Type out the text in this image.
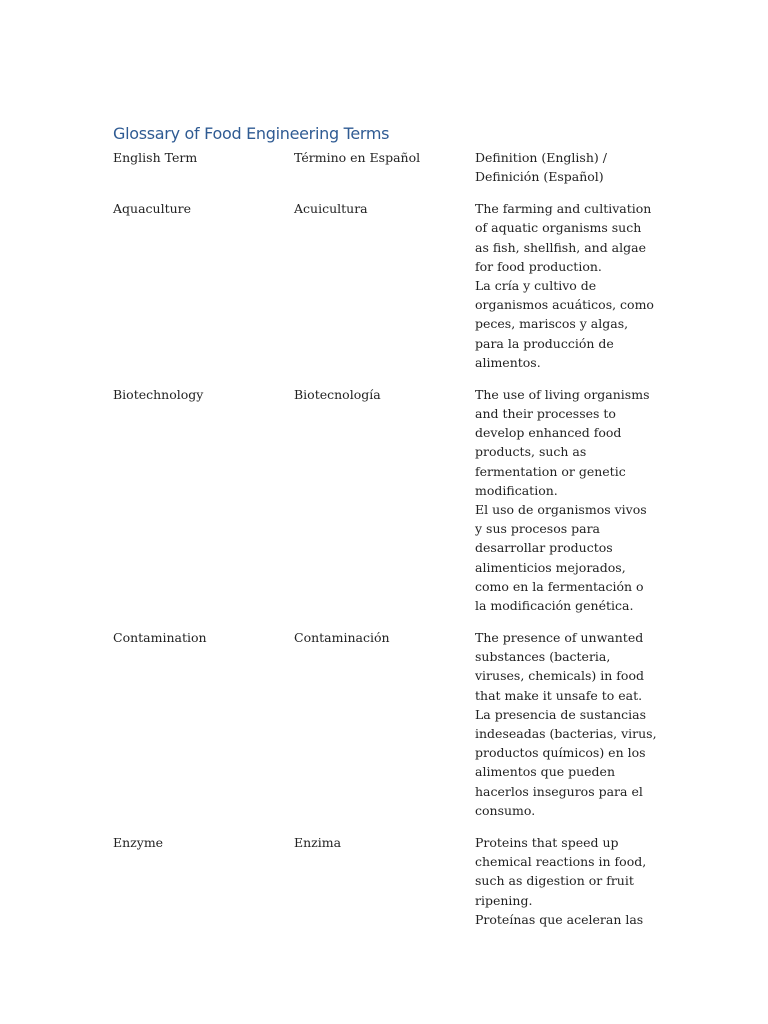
Glossary of Food Engineering Terms
English Term	Término en Español	Definition (English) /
Definición (Español)
Aquaculture	Acuicultura	The farming and cultivation
of aquatic organisms such
as fish, shellfish, and algae
for food production.
La cría y cultivo de
organismos acuáticos, como
peces, mariscos y algas,
para la producción de
alimentos.
Biotechnology	Biotecnología	The use of living organisms
and their processes to
develop enhanced food
products, such as
fermentation or genetic
modification.
El uso de organismos vivos
y sus procesos para
desarrollar productos
alimenticios mejorados,
como en la fermentación o
la modificación genética.
Contamination	Contaminación	The presence of unwanted
substances (bacteria,
viruses, chemicals) in food
that make it unsafe to eat.
La presencia de sustancias
indeseadas (bacterias, virus,
productos químicos) en los
alimentos que pueden
hacerlos inseguros para el
consumo.
Enzyme	Enzima	Proteins that speed up
chemical reactions in food,
such as digestion or fruit
ripening.
Proteínas que aceleran las
